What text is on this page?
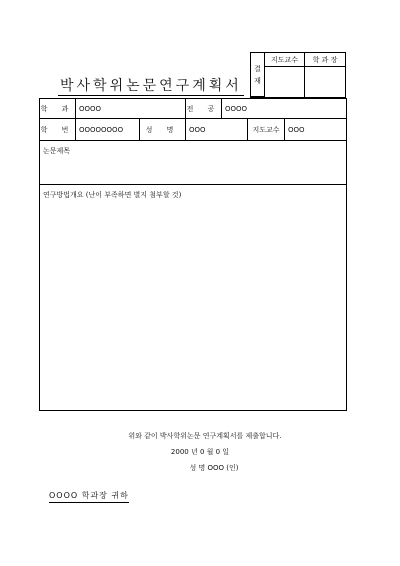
결
재
지도교수	학 과 장
박사학위논문연구계획서
학 과 OOOO	전 공 OOOO
학 번 OOOOOOOO	성 명	OOO	지도교수	OOO
논문제목
연구방법개요 (난이 부족하면 별지 첨부할 것)
위와 같이 박사학위논문 연구계획서를 제출합니다.
2000 년 0 월 0 일
성 명 OOO (인)
OOOO 학과장 귀하
